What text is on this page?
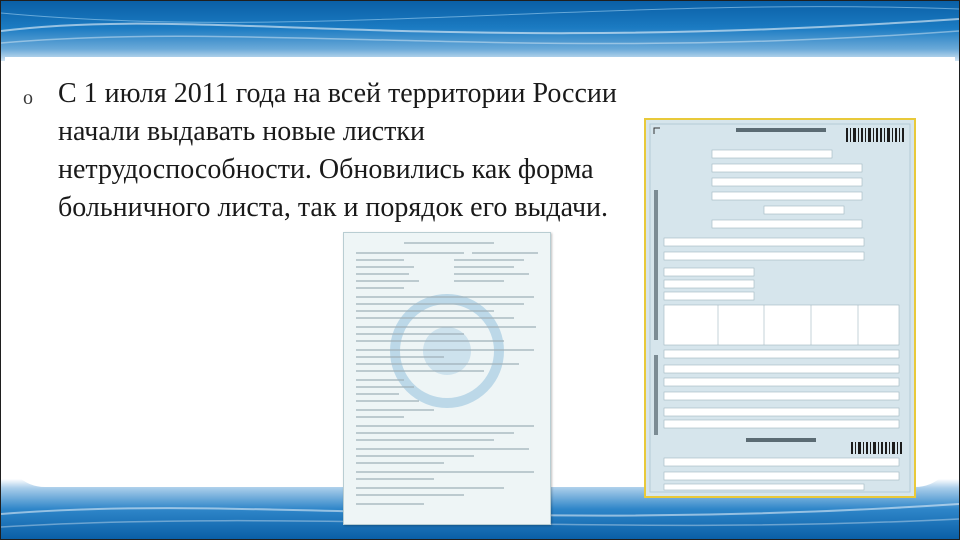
o С 1 июля 2011 года на всей территории России начали выдавать новые листки нетрудоспособности. Обновились как форма больничного листа, так и порядок его выдачи.
